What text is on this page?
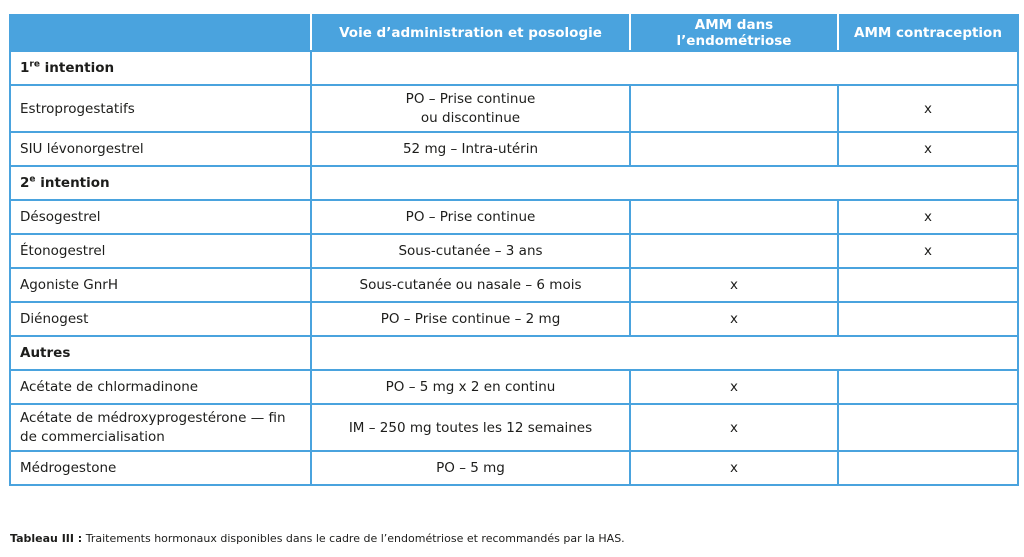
	Voie d’administration et posologie	AMM dans l’endométriose	AMM contraception
1re intention			
Estroprogestatifs	PO – Prise continue
ou discontinue		x
SIU lévonorgestrel	52 mg – Intra-utérin		x
2e intention			
Désogestrel	PO – Prise continue		x
Étonogestrel	Sous-cutanée – 3 ans		x
Agoniste GnrH	Sous-cutanée ou nasale – 6 mois	x	
Diénogest	PO – Prise continue – 2 mg	x	
Autres			
Acétate de chlormadinone	PO – 5 mg x 2 en continu	x	
Acétate de médroxyprogestérone — fin
de commercialisation	IM – 250 mg toutes les 12 semaines	x	
Médrogestone	PO – 5 mg	x	
Tableau III : Traitements hormonaux disponibles dans le cadre de l’endométriose et recommandés par la HAS.
